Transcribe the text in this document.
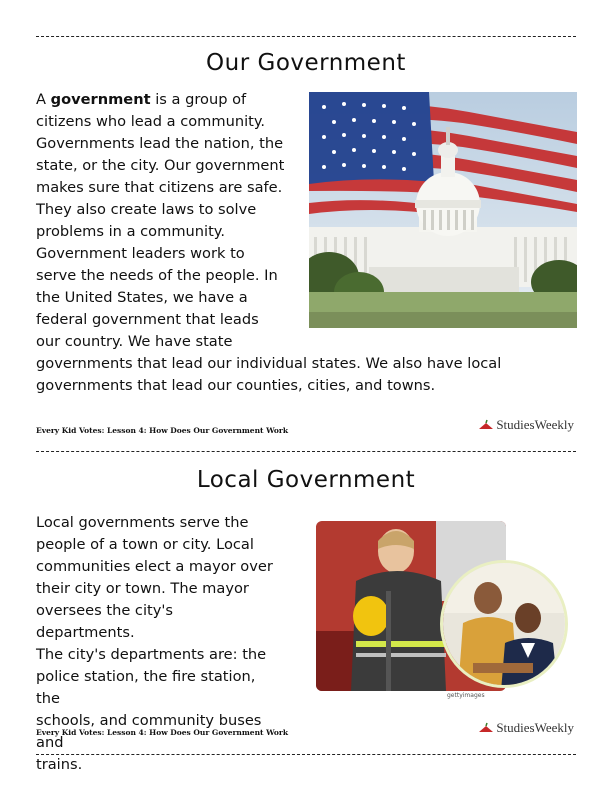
Our Government
A government is a group of
citizens who lead a community.
Governments lead the nation, the
state, or the city. Our government
makes sure that citizens are safe.
They also create laws to solve
problems in a community.
Government leaders work to
serve the needs of the people. In
the United States, we have a
federal government that leads
our country. We have state
governments that lead our individual states. We also have local
governments that lead our counties, cities, and towns.
Every Kid Votes: Lesson 4: How Does Our Government Work	StudiesWeekly
Local Government
Local governments serve the
people of a town or city. Local
communities elect a mayor over
their city or town. The mayor
oversees the city's departments.
The city's departments are: the
police station, the fire station, the
schools, and community buses and
trains.
gettyimages
Every Kid Votes: Lesson 4: How Does Our Government Work	StudiesWeekly
